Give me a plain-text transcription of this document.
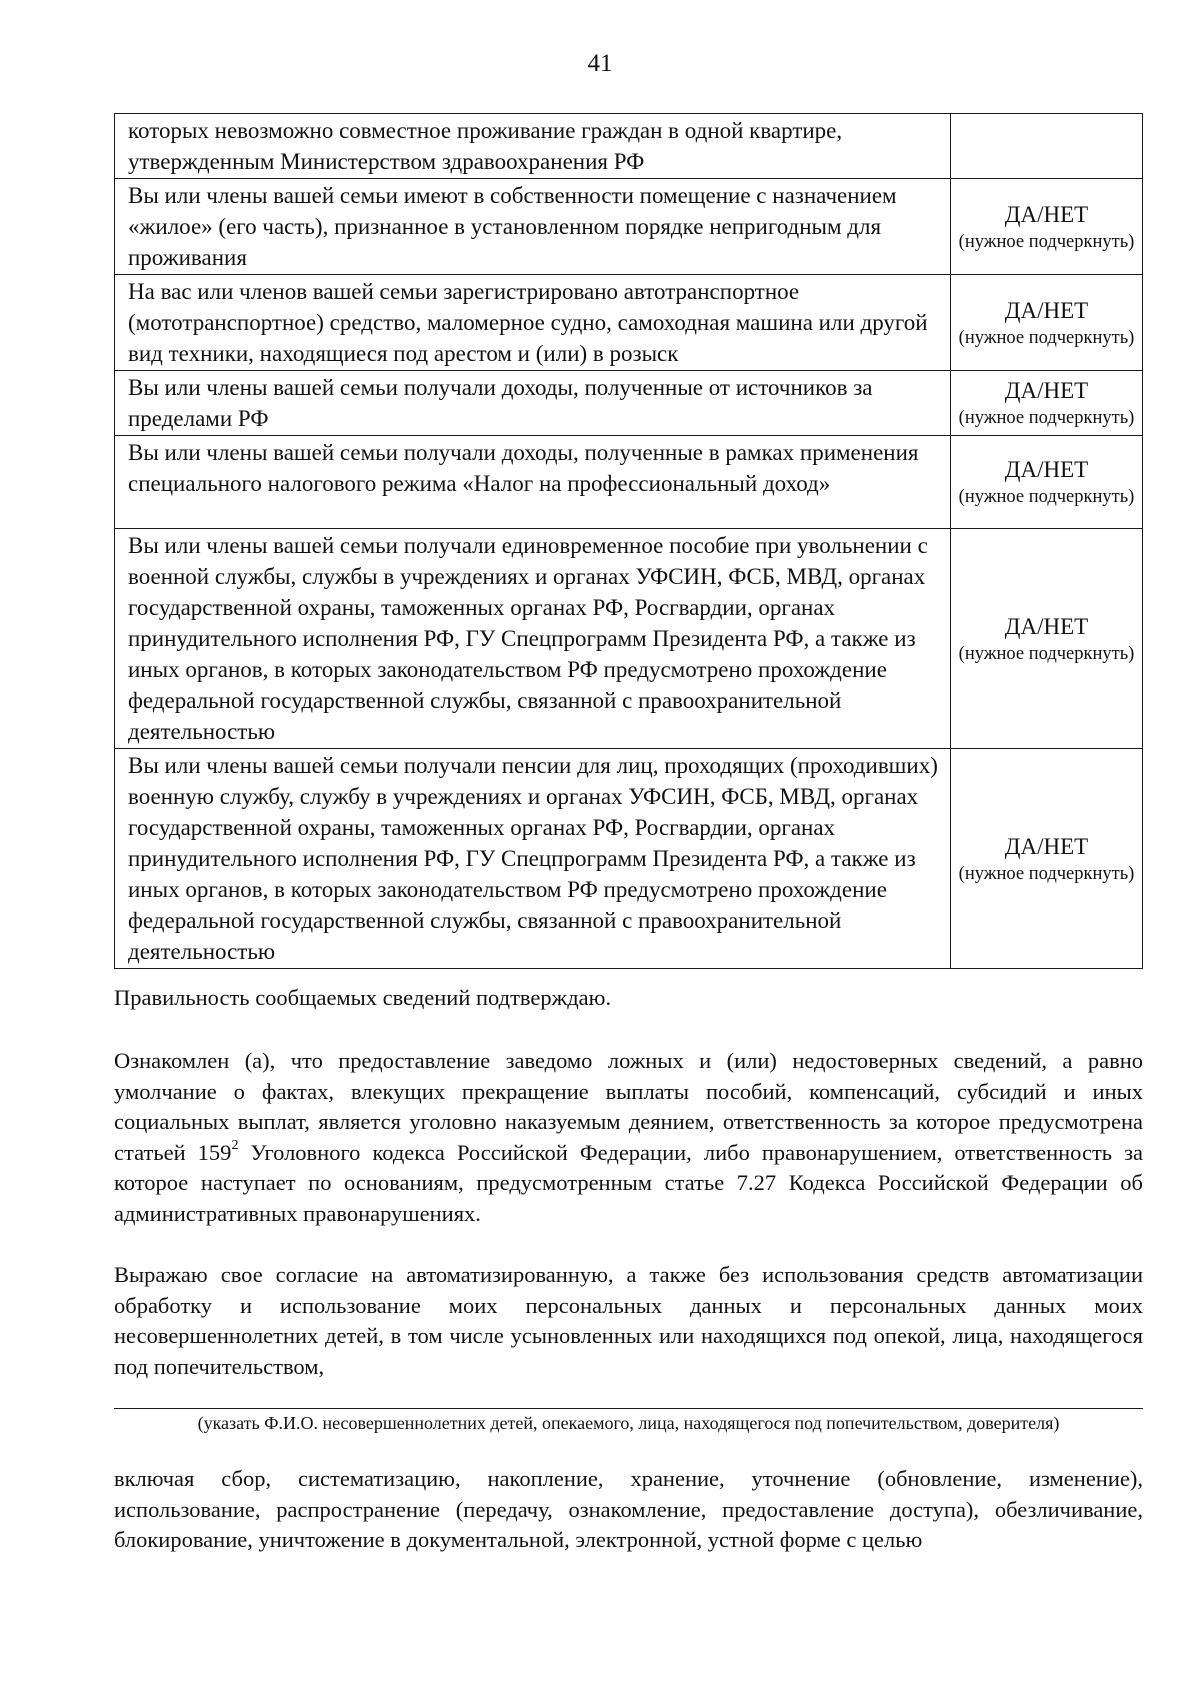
41
которых невозможно совместное проживание граждан в одной квартире, утвержденным Министерством здравоохранения РФ	

Вы или члены вашей семьи имеют в собственности помещение с назначением «жилое» (его часть), признанное в установленном порядке непригодным для проживания	ДА/НЕТ
(нужное подчеркнуть)

На вас или членов вашей семьи зарегистрировано автотранспортное (мототранспортное) средство, маломерное судно, самоходная машина или другой вид техники, находящиеся под арестом и (или) в розыск	ДА/НЕТ
(нужное подчеркнуть)

Вы или члены вашей семьи получали доходы, полученные от источников за пределами РФ	ДА/НЕТ
(нужное подчеркнуть)

Вы или члены вашей семьи получали доходы, полученные в рамках применения специального налогового режима «Налог на профессиональный доход»	ДА/НЕТ
(нужное подчеркнуть)

Вы или члены вашей семьи получали единовременное пособие при увольнении с военной службы, службы в учреждениях и органах УФСИН, ФСБ, МВД, органах государственной охраны, таможенных органах РФ, Росгвардии, органах принудительного исполнения РФ, ГУ Спецпрограмм Президента РФ, а также из иных органов, в которых законодательством РФ предусмотрено прохождение федеральной государственной службы, связанной с правоохранительной деятельностью	ДА/НЕТ
(нужное подчеркнуть)

Вы или члены вашей семьи получали пенсии для лиц, проходящих (проходивших) военную службу, службу в учреждениях и органах УФСИН, ФСБ, МВД, органах государственной охраны, таможенных органах РФ, Росгвардии, органах принудительного исполнения РФ, ГУ Спецпрограмм Президента РФ, а также из иных органов, в которых законодательством РФ предусмотрено прохождение федеральной государственной службы, связанной с правоохранительной деятельностью	ДА/НЕТ
(нужное подчеркнуть)

Правильность сообщаемых сведений подтверждаю.

Ознакомлен (а), что предоставление заведомо ложных и (или) недостоверных сведений, а равно умолчание о фактах, влекущих прекращение выплаты пособий, компенсаций, субсидий и иных социальных выплат, является уголовно наказуемым деянием, ответственность за которое предусмотрена статьей $159^2$ Уголовного кодекса Российской Федерации, либо правонарушением, ответственность за которое наступает по основаниям, предусмотренным статье 7.27 Кодекса Российской Федерации об административных правонарушениях.

Выражаю свое согласие на автоматизированную, а также без использования средств автоматизации обработку и использование моих персональных данных и персональных данных моих несовершеннолетних детей, в том числе усыновленных или находящихся под опекой, лица, находящегося под попечительством,

(указать Ф.И.О. несовершеннолетних детей, опекаемого, лица, находящегося под попечительством, доверителя)

включая сбор, систематизацию, накопление, хранение, уточнение (обновление, изменение), использование, распространение (передачу, ознакомление, предоставление доступа), обезличивание, блокирование, уничтожение в документальной, электронной, устной форме с целью
